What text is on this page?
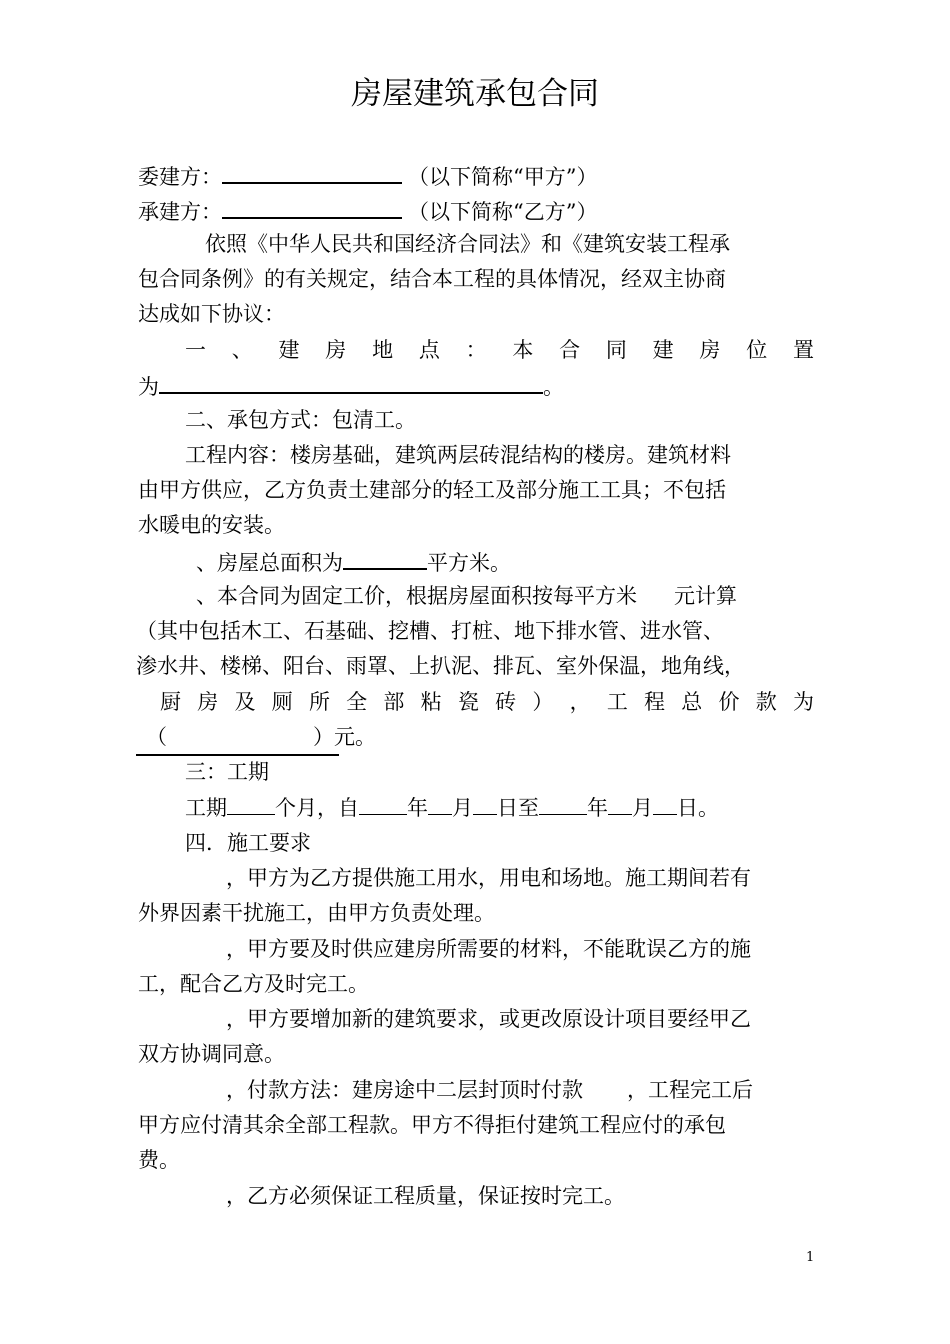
房屋建筑承包合同
委建方：	（以下简称“甲方”）
承建方：	（以下简称“乙方”）
依照《中华人民共和国经济合同法》和《建筑安装工程承
包合同条例》的有关规定，结合本工程的具体情况，经双主协商
达成如下协议：
一 、 建 房 地 点 ： 本 合 同 建 房 位 置
为	。
二、承包方式：包清工。
工程内容：楼房基础，建筑两层砖混结构的楼房。建筑材料
由甲方供应，乙方负责土建部分的轻工及部分施工工具；不包括
水暖电的安装。
、房屋总面积为	平方米。
、本合同为固定工价，根据房屋面积按每平方米 元计算
（其中包括木工、石基础、挖槽、打桩、地下排水管、进水管、
渗水井、楼梯、阳台、雨罩、上扒泥、排瓦、室外保温，地角线，
厨 房 及 厕 所 全 部 粘 瓷 砖 ） ， 工 程 总 价 款 为
（	）元。
三：工期
工期 个月，自 年 月 日至 年 月 日。
四．施工要求
，甲方为乙方提供施工用水，用电和场地。施工期间若有
外界因素干扰施工，由甲方负责处理。
，甲方要及时供应建房所需要的材料，不能耽误乙方的施
工，配合乙方及时完工。
，甲方要增加新的建筑要求，或更改原设计项目要经甲乙
双方协调同意。
，付款方法：建房途中二层封顶时付款 ，工程完工后
甲方应付清其余全部工程款。甲方不得拒付建筑工程应付的承包
费。
，乙方必须保证工程质量，保证按时完工。
1
